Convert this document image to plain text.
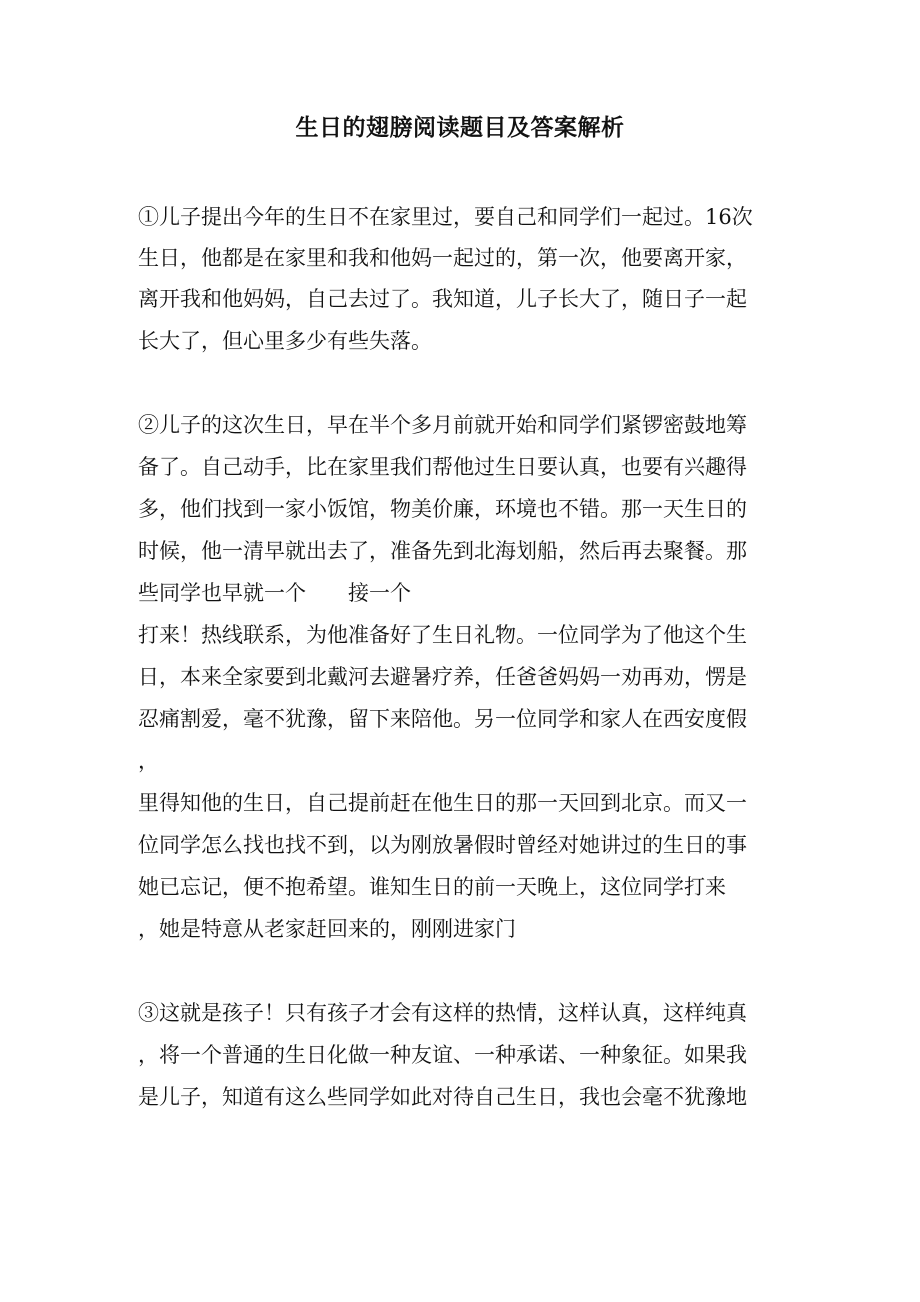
生日的翅膀阅读题目及答案解析
①儿子提出今年的生日不在家里过，要自己和同学们一起过。16次
生日，他都是在家里和我和他妈一起过的，第一次，他要离开家，
离开我和他妈妈，自己去过了。我知道，儿子长大了，随日子一起
长大了，但心里多少有些失落。
②儿子的这次生日，早在半个多月前就开始和同学们紧锣密鼓地筹
备了。自己动手，比在家里我们帮他过生日要认真，也要有兴趣得
多，他们找到一家小饭馆，物美价廉，环境也不错。那一天生日的
时候，他一清早就出去了，准备先到北海划船，然后再去聚餐。那
些同学也早就一个　　接一个
打来！热线联系，为他准备好了生日礼物。一位同学为了他这个生
日，本来全家要到北戴河去避暑疗养，任爸爸妈妈一劝再劝，愣是
忍痛割爱，毫不犹豫，留下来陪他。另一位同学和家人在西安度假
，
里得知他的生日，自己提前赶在他生日的那一天回到北京。而又一
位同学怎么找也找不到，以为刚放暑假时曾经对她讲过的生日的事
她已忘记，便不抱希望。谁知生日的前一天晚上，这位同学打来
，她是特意从老家赶回来的，刚刚进家门
③这就是孩子！只有孩子才会有这样的热情，这样认真，这样纯真
，将一个普通的生日化做一种友谊、一种承诺、一种象征。如果我
是儿子，知道有这么些同学如此对待自己生日，我也会毫不犹豫地
